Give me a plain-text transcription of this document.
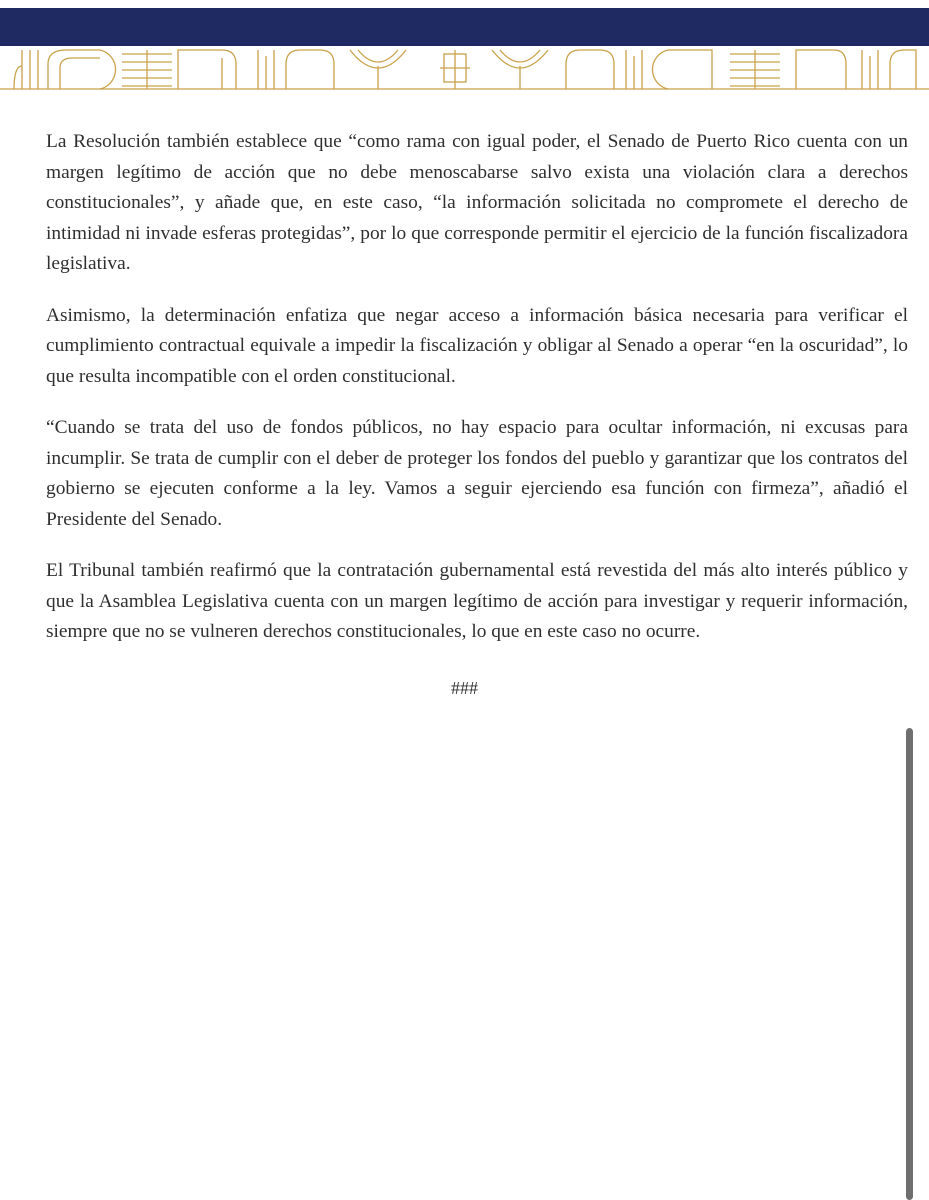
La Resolución también establece que “como rama con igual poder, el Senado de Puerto Rico cuenta con un margen legítimo de acción que no debe menoscabarse salvo exista una violación clara a derechos constitucionales”, y añade que, en este caso, “la información solicitada no compromete el derecho de intimidad ni invade esferas protegidas”, por lo que corresponde permitir el ejercicio de la función fiscalizadora legislativa.

Asimismo, la determinación enfatiza que negar acceso a información básica necesaria para verificar el cumplimiento contractual equivale a impedir la fiscalización y obligar al Senado a operar “en la oscuridad”, lo que resulta incompatible con el orden constitucional.

“Cuando se trata del uso de fondos públicos, no hay espacio para ocultar información, ni excusas para incumplir. Se trata de cumplir con el deber de proteger los fondos del pueblo y garantizar que los contratos del gobierno se ejecuten conforme a la ley. Vamos a seguir ejerciendo esa función con firmeza”, añadió el Presidente del Senado.

El Tribunal también reafirmó que la contratación gubernamental está revestida del más alto interés público y que la Asamblea Legislativa cuenta con un margen legítimo de acción para investigar y requerir información, siempre que no se vulneren derechos constitucionales, lo que en este caso no ocurre.

###
